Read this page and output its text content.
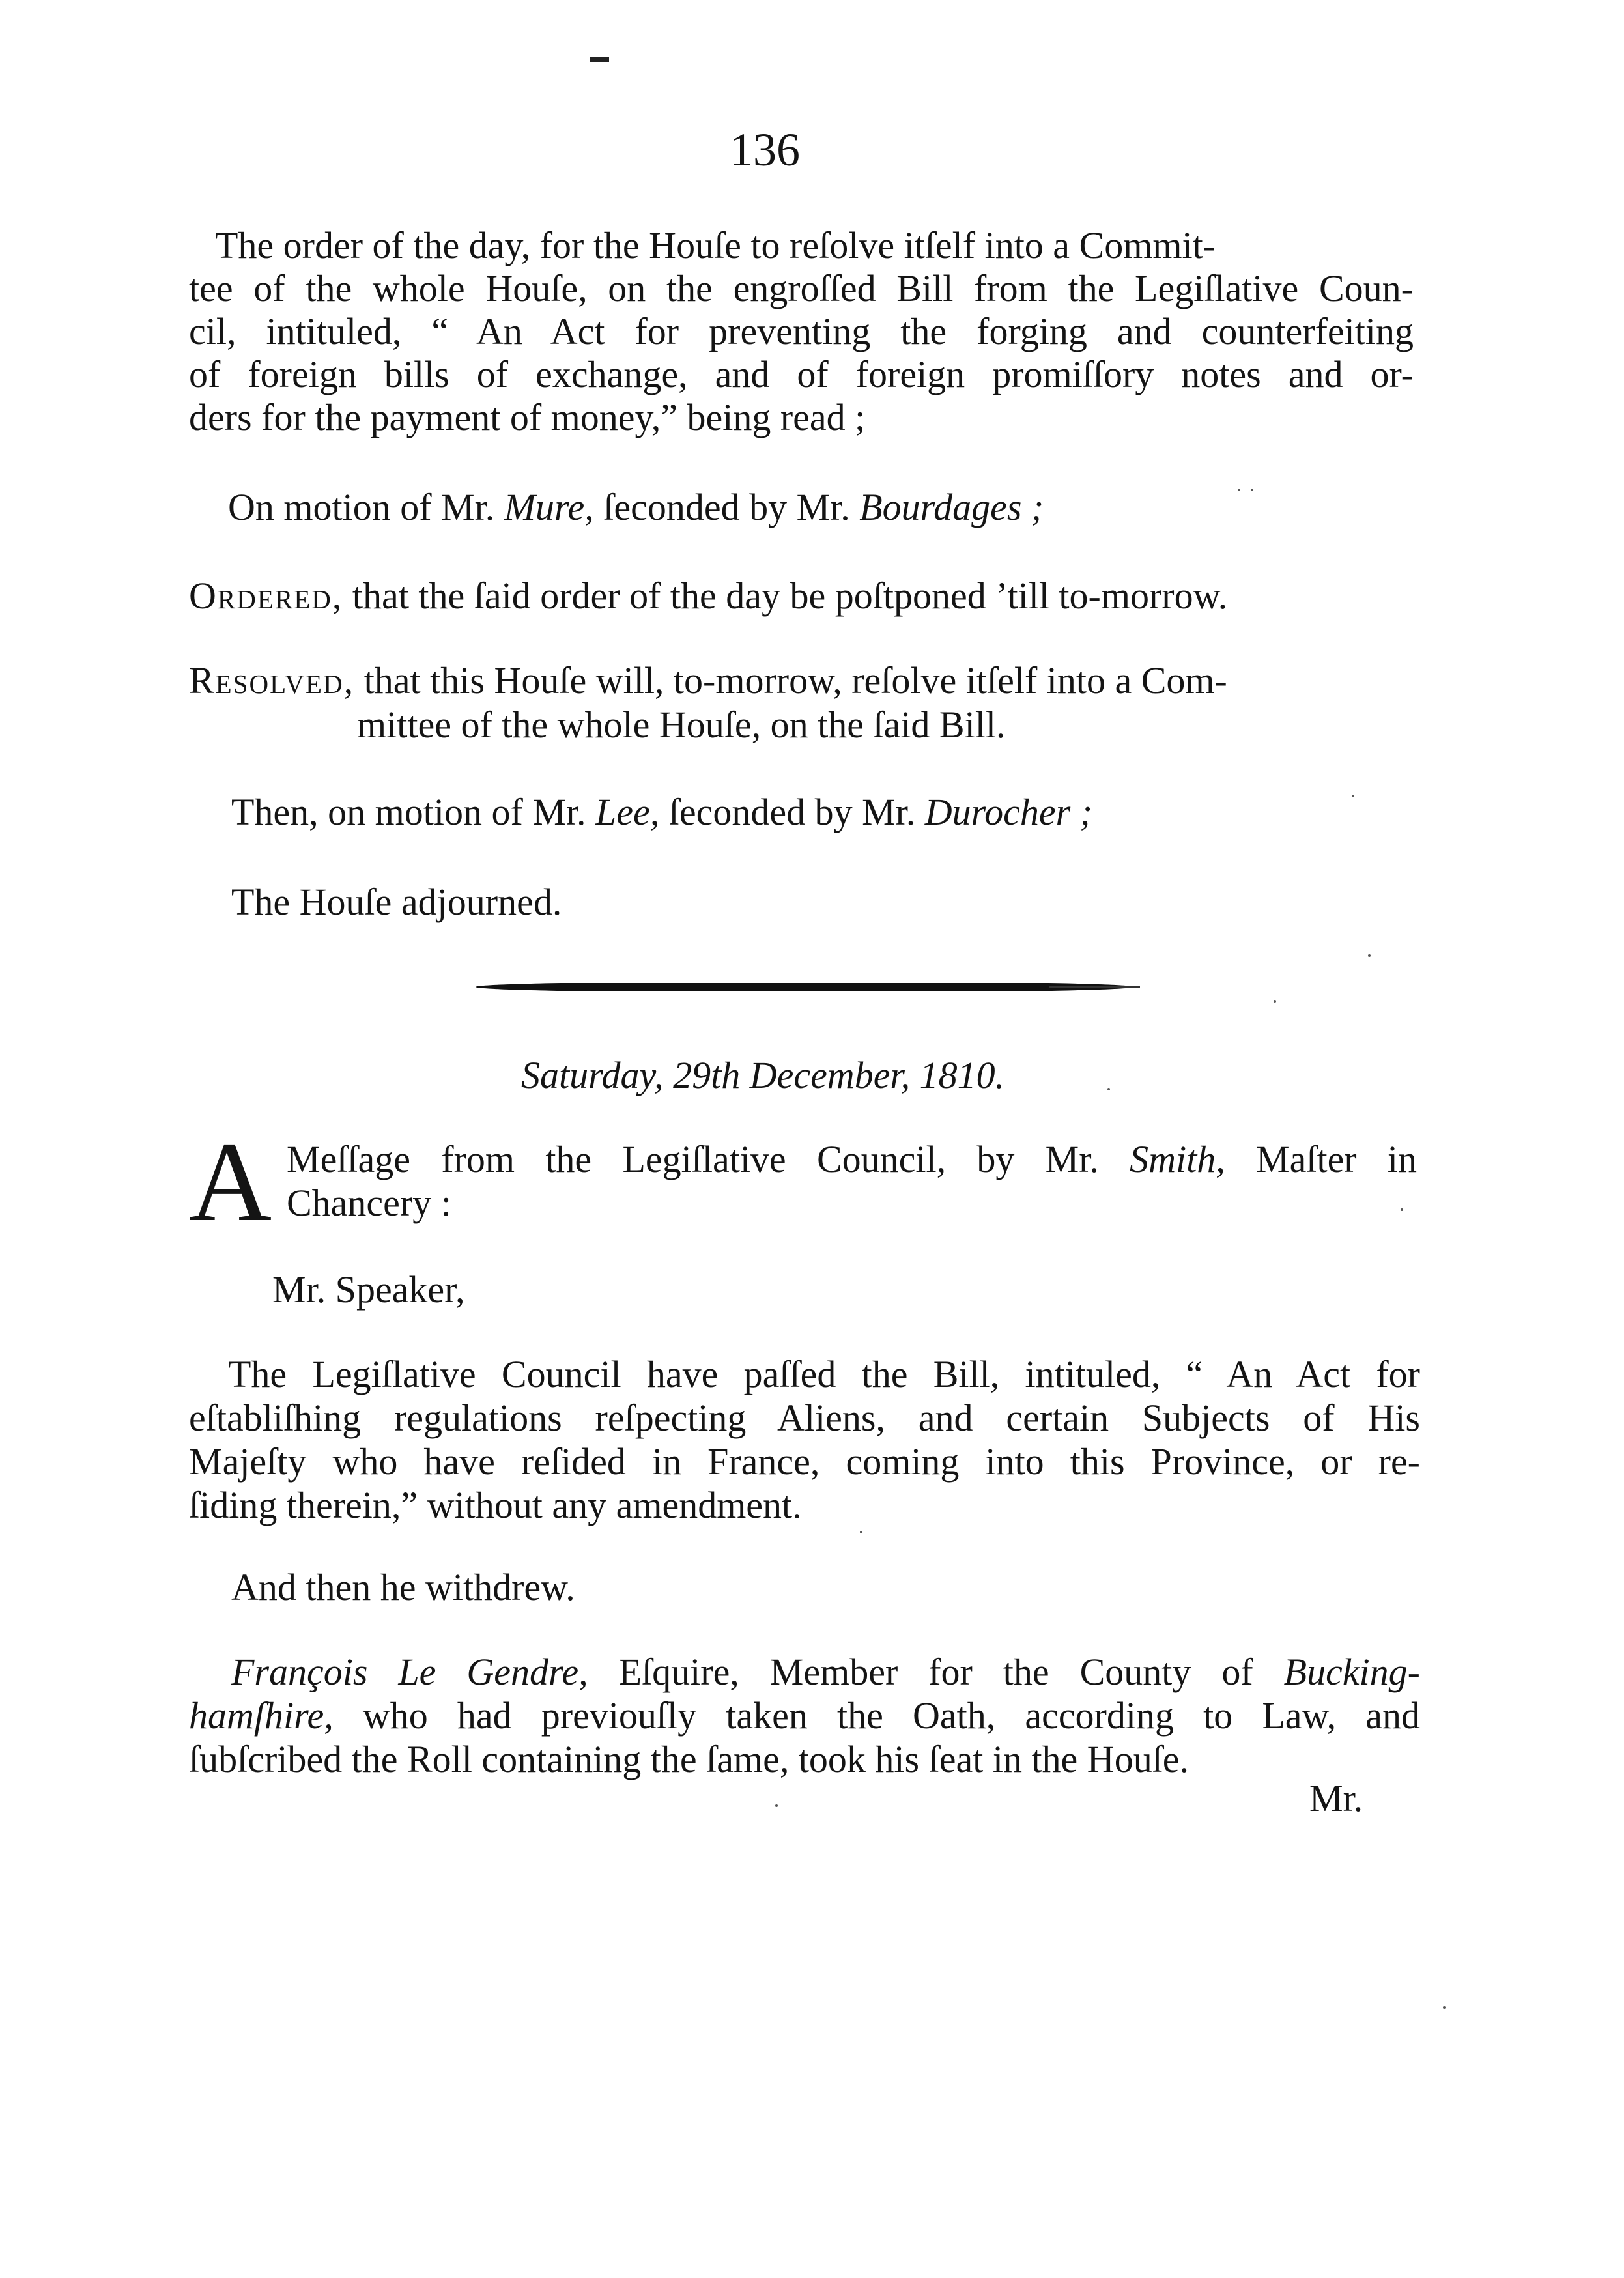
136
The order of the day, for the Houſe to reſolve itſelf into a Commit-
tee of the whole Houſe, on the engroſſed Bill from the Legiſlative Coun-
cil, intituled, “ An Act for preventing the forging and counterfeiting
of foreign bills of exchange, and of foreign promiſſory notes and or-
ders for the payment of money,” being read ;
On motion of Mr. Mure, ſeconded by Mr. Bourdages ;
Ordered, that the ſaid order of the day be poſtponed ’till to-morrow.
Resolved, that this Houſe will, to-morrow, reſolve itſelf into a Com-
mittee of the whole Houſe, on the ſaid Bill.
Then, on motion of Mr. Lee, ſeconded by Mr. Durocher ;
The Houſe adjourned.
Saturday, 29th December, 1810.
A Meſſage from the Legiſlative Council, by Mr. Smith, Maſter in
Chancery :
Mr. Speaker,
The Legiſlative Council have paſſed the Bill, intituled, “ An Act for
eſtabliſhing regulations reſpecting Aliens, and certain Subjects of His
Majeſty who have reſided in France, coming into this Province, or re-
ſiding therein,” without any amendment.
And then he withdrew.
François Le Gendre, Eſquire, Member for the County of Bucking-
hamſhire, who had previouſly taken the Oath, according to Law, and
ſubſcribed the Roll containing the ſame, took his ſeat in the Houſe.
Mr.
